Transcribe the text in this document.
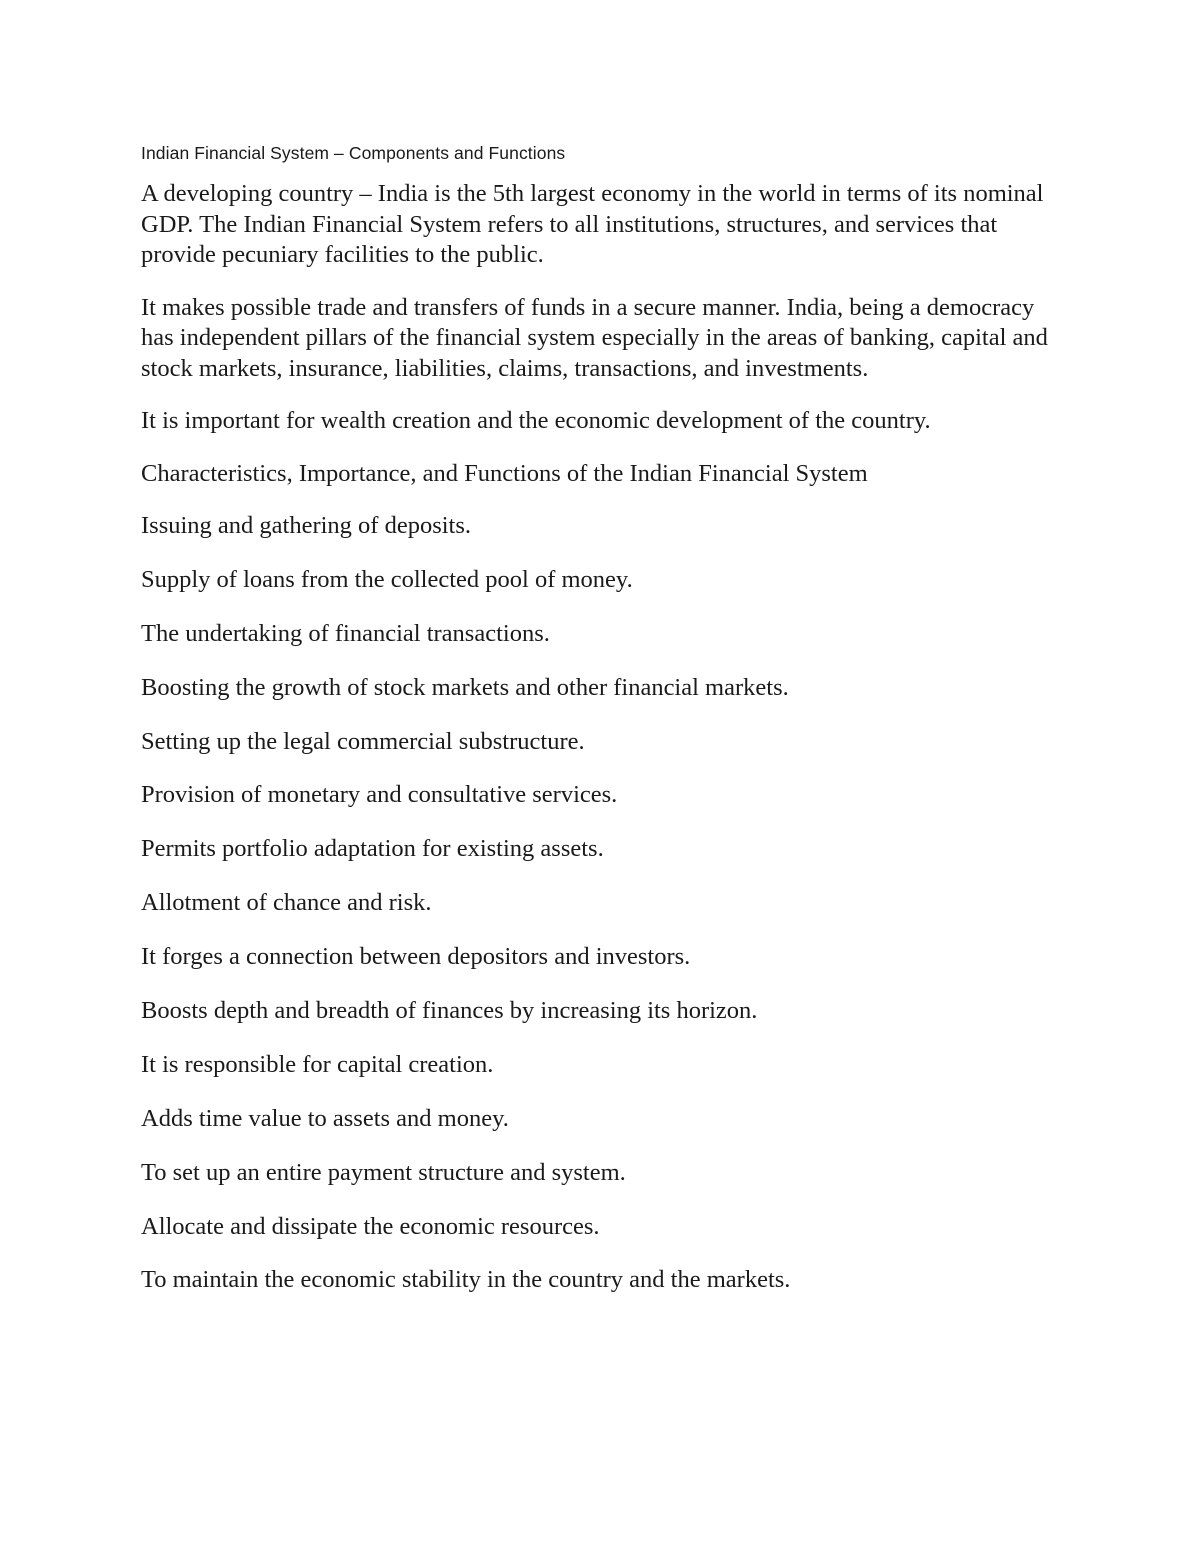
Indian Financial System – Components and Functions

A developing country – India is the 5th largest economy in the world in terms of its nominal GDP. The Indian Financial System refers to all institutions, structures, and services that provide pecuniary facilities to the public.

It makes possible trade and transfers of funds in a secure manner. India, being a democracy has independent pillars of the financial system especially in the areas of banking, capital and stock markets, insurance, liabilities, claims, transactions, and investments.

It is important for wealth creation and the economic development of the country.

Characteristics, Importance, and Functions of the Indian Financial System

Issuing and gathering of deposits.

Supply of loans from the collected pool of money.

The undertaking of financial transactions.

Boosting the growth of stock markets and other financial markets.

Setting up the legal commercial substructure.

Provision of monetary and consultative services.

Permits portfolio adaptation for existing assets.

Allotment of chance and risk.

It forges a connection between depositors and investors.

Boosts depth and breadth of finances by increasing its horizon.

It is responsible for capital creation.

Adds time value to assets and money.

To set up an entire payment structure and system.

Allocate and dissipate the economic resources.

To maintain the economic stability in the country and the markets.
